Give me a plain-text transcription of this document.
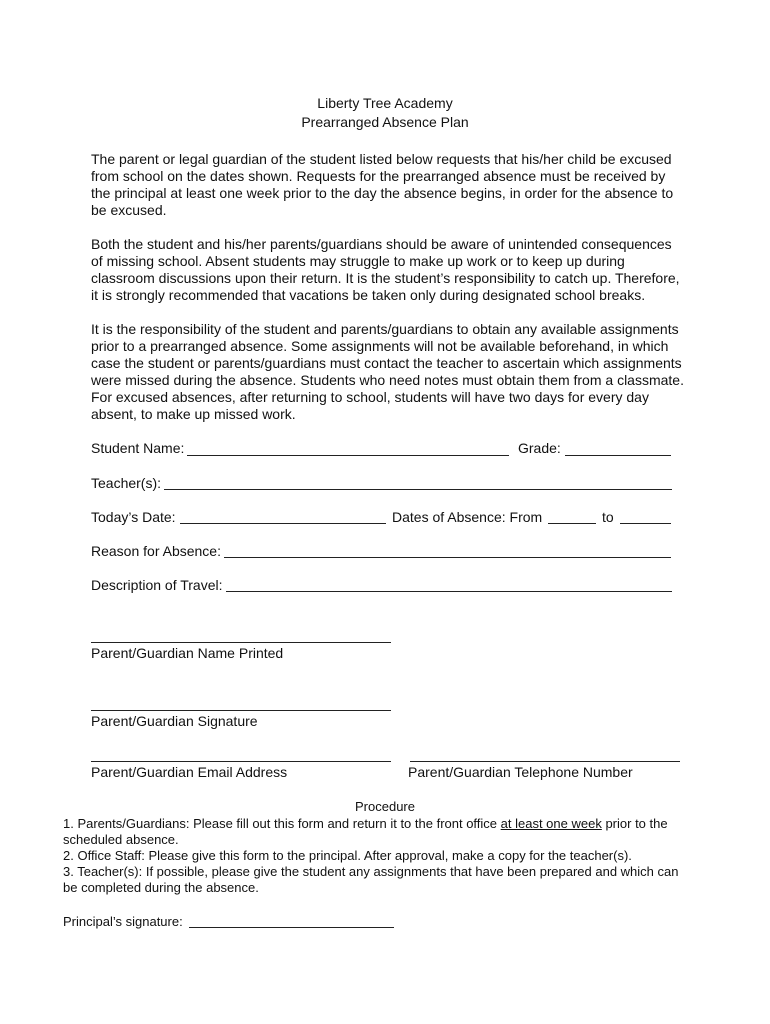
Liberty Tree Academy
Prearranged Absence Plan
The parent or legal guardian of the student listed below requests that his/her child be excused
from school on the dates shown. Requests for the prearranged absence must be received by
the principal at least one week prior to the day the absence begins, in order for the absence to
be excused.
Both the student and his/her parents/guardians should be aware of unintended consequences
of missing school. Absent students may struggle to make up work or to keep up during
classroom discussions upon their return. It is the student’s responsibility to catch up. Therefore,
it is strongly recommended that vacations be taken only during designated school breaks.
It is the responsibility of the student and parents/guardians to obtain any available assignments
prior to a prearranged absence. Some assignments will not be available beforehand, in which
case the student or parents/guardians must contact the teacher to ascertain which assignments
were missed during the absence. Students who need notes must obtain them from a classmate.
For excused absences, after returning to school, students will have two days for every day
absent, to make up missed work.
Student Name:	Grade:
Teacher(s):
Today’s Date:	Dates of Absence: From	to
Reason for Absence:
Description of Travel:
Parent/Guardian Name Printed
Parent/Guardian Signature
Parent/Guardian Email Address	Parent/Guardian Telephone Number
Procedure
1. Parents/Guardians: Please fill out this form and return it to the front office at least one week prior to the
scheduled absence.
2. Office Staff: Please give this form to the principal. After approval, make a copy for the teacher(s).
3. Teacher(s): If possible, please give the student any assignments that have been prepared and which can
be completed during the absence.
Principal’s signature:
